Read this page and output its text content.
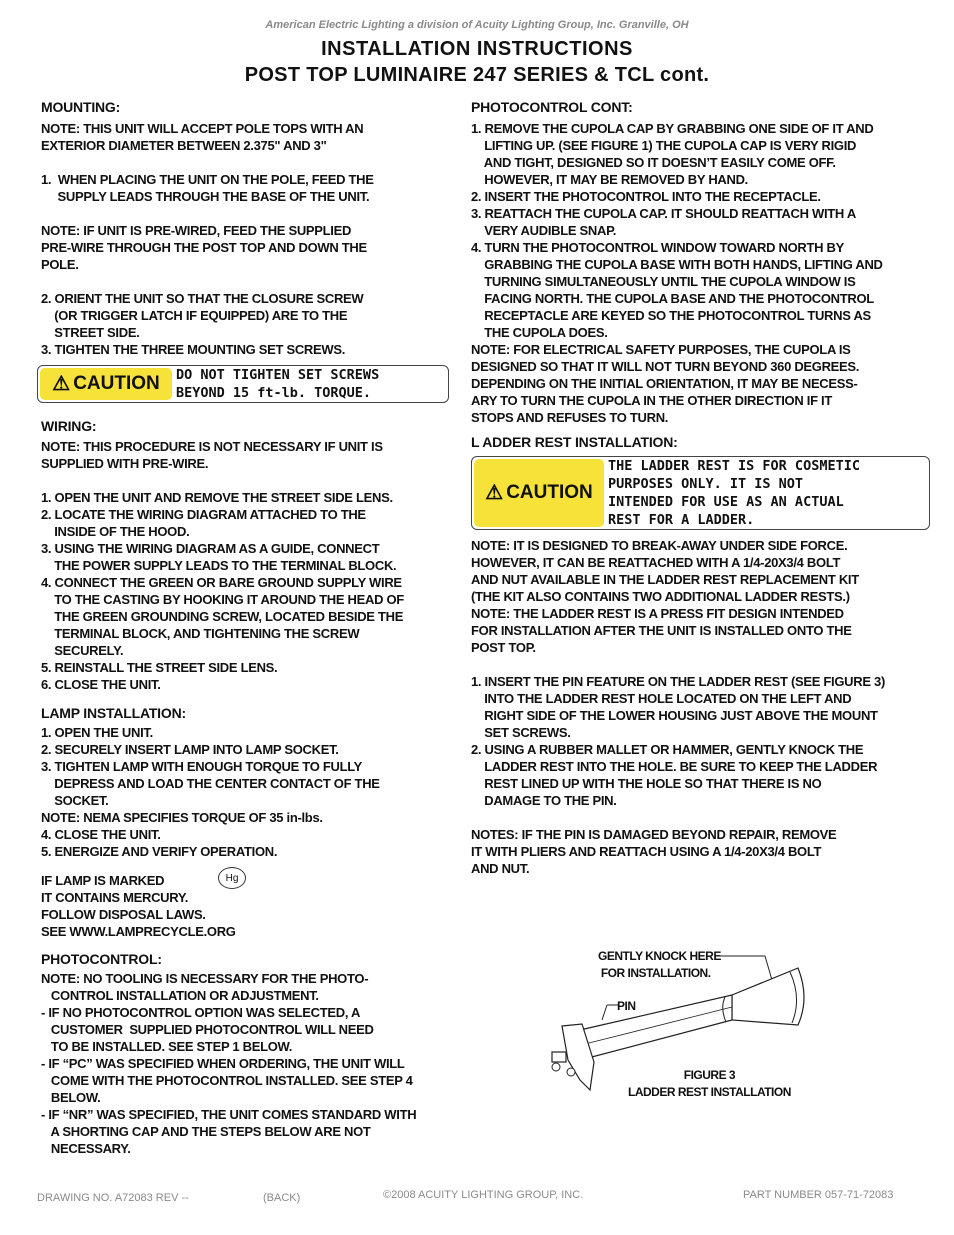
American Electric Lighting a division of Acuity Lighting Group, Inc. Granville, OH
INSTALLATION INSTRUCTIONS
POST TOP LUMINAIRE 247 SERIES & TCL cont.
MOUNTING:
NOTE: THIS UNIT WILL ACCEPT POLE TOPS WITH AN
EXTERIOR DIAMETER BETWEEN 2.375" AND 3"

1.  WHEN PLACING THE UNIT ON THE POLE, FEED THE
SUPPLY LEADS THROUGH THE BASE OF THE UNIT.

NOTE: IF UNIT IS PRE-WIRED, FEED THE SUPPLIED
PRE-WIRE THROUGH THE POST TOP AND DOWN THE
POLE.

2. ORIENT THE UNIT SO THAT THE CLOSURE SCREW
(OR TRIGGER LATCH IF EQUIPPED) ARE TO THE
STREET SIDE.
3. TIGHTEN THE THREE MOUNTING SET SCREWS.
⚠ CAUTION DO NOT TIGHTEN SET SCREWS
BEYOND 15 ft-lb. TORQUE.
WIRING:
NOTE: THIS PROCEDURE IS NOT NECESSARY IF UNIT IS
SUPPLIED WITH PRE-WIRE.

1. OPEN THE UNIT AND REMOVE THE STREET SIDE LENS.
2. LOCATE THE WIRING DIAGRAM ATTACHED TO THE
INSIDE OF THE HOOD.
3. USING THE WIRING DIAGRAM AS A GUIDE, CONNECT
THE POWER SUPPLY LEADS TO THE TERMINAL BLOCK.
4. CONNECT THE GREEN OR BARE GROUND SUPPLY WIRE
TO THE CASTING BY HOOKING IT AROUND THE HEAD OF
THE GREEN GROUNDING SCREW, LOCATED BESIDE THE
TERMINAL BLOCK, AND TIGHTENING THE SCREW
SECURELY.
5. REINSTALL THE STREET SIDE LENS.
6. CLOSE THE UNIT.
LAMP INSTALLATION:
1. OPEN THE UNIT.
2. SECURELY INSERT LAMP INTO LAMP SOCKET.
3. TIGHTEN LAMP WITH ENOUGH TORQUE TO FULLY
DEPRESS AND LOAD THE CENTER CONTACT OF THE
SOCKET.
NOTE: NEMA SPECIFIES TORQUE OF 35 in-lbs.
4. CLOSE THE UNIT.
5. ENERGIZE AND VERIFY OPERATION.
IF LAMP IS MARKED
IT CONTAINS MERCURY.
FOLLOW DISPOSAL LAWS.
SEE WWW.LAMPRECYCLE.ORG
Hg
PHOTOCONTROL:
NOTE: NO TOOLING IS NECESSARY FOR THE PHOTO-
CONTROL INSTALLATION OR ADJUSTMENT.
- IF NO PHOTOCONTROL OPTION WAS SELECTED, A
CUSTOMER  SUPPLIED PHOTOCONTROL WILL NEED
TO BE INSTALLED. SEE STEP 1 BELOW.
- IF “PC” WAS SPECIFIED WHEN ORDERING, THE UNIT WILL
COME WITH THE PHOTOCONTROL INSTALLED. SEE STEP 4
BELOW.
- IF “NR” WAS SPECIFIED, THE UNIT COMES STANDARD WITH
A SHORTING CAP AND THE STEPS BELOW ARE NOT
NECESSARY.
PHOTOCONTROL CONT:
1. REMOVE THE CUPOLA CAP BY GRABBING ONE SIDE OF IT AND
LIFTING UP. (SEE FIGURE 1) THE CUPOLA CAP IS VERY RIGID
AND TIGHT, DESIGNED SO IT DOESN’T EASILY COME OFF.
HOWEVER, IT MAY BE REMOVED BY HAND.
2. INSERT THE PHOTOCONTROL INTO THE RECEPTACLE.
3. REATTACH THE CUPOLA CAP. IT SHOULD REATTACH WITH A
VERY AUDIBLE SNAP.
4. TURN THE PHOTOCONTROL WINDOW TOWARD NORTH BY
GRABBING THE CUPOLA BASE WITH BOTH HANDS, LIFTING AND
TURNING SIMULTANEOUSLY UNTIL THE CUPOLA WINDOW IS
FACING NORTH. THE CUPOLA BASE AND THE PHOTOCONTROL
RECEPTACLE ARE KEYED SO THE PHOTOCONTROL TURNS AS
THE CUPOLA DOES.
NOTE: FOR ELECTRICAL SAFETY PURPOSES, THE CUPOLA IS
DESIGNED SO THAT IT WILL NOT TURN BEYOND 360 DEGREES.
DEPENDING ON THE INITIAL ORIENTATION, IT MAY BE NECESS-
ARY TO TURN THE CUPOLA IN THE OTHER DIRECTION IF IT
STOPS AND REFUSES TO TURN.
L ADDER REST INSTALLATION:
⚠ CAUTION
THE LADDER REST IS FOR COSMETIC
PURPOSES ONLY. IT IS NOT
INTENDED FOR USE AS AN ACTUAL
REST FOR A LADDER.
NOTE: IT IS DESIGNED TO BREAK-AWAY UNDER SIDE FORCE.
HOWEVER, IT CAN BE REATTACHED WITH A 1/4-20X3/4 BOLT
AND NUT AVAILABLE IN THE LADDER REST REPLACEMENT KIT
(THE KIT ALSO CONTAINS TWO ADDITIONAL LADDER RESTS.)
NOTE: THE LADDER REST IS A PRESS FIT DESIGN INTENDED
FOR INSTALLATION AFTER THE UNIT IS INSTALLED ONTO THE
POST TOP.

1. INSERT THE PIN FEATURE ON THE LADDER REST (SEE FIGURE 3)
INTO THE LADDER REST HOLE LOCATED ON THE LEFT AND
RIGHT SIDE OF THE LOWER HOUSING JUST ABOVE THE MOUNT
SET SCREWS.
2. USING A RUBBER MALLET OR HAMMER, GENTLY KNOCK THE
LADDER REST INTO THE HOLE. BE SURE TO KEEP THE LADDER
REST LINED UP WITH THE HOLE SO THAT THERE IS NO
DAMAGE TO THE PIN.

NOTES: IF THE PIN IS DAMAGED BEYOND REPAIR, REMOVE
IT WITH PLIERS AND REATTACH USING A 1/4-20X3/4 BOLT
AND NUT.
GENTLY KNOCK HERE
FOR INSTALLATION.
PIN
FIGURE 3
LADDER REST INSTALLATION
DRAWING NO. A72083 REV --	(BACK)	©2008 ACUITY LIGHTING GROUP, INC.	PART NUMBER 057-71-72083
